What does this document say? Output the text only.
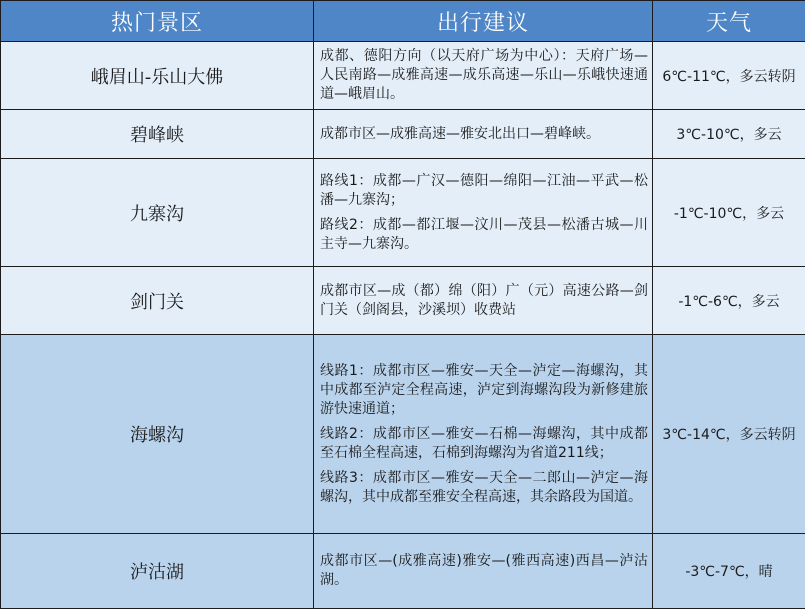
热门景区	出行建议	天气
峨眉山-乐山大佛	成都、德阳方向（以天府广场为中心）：天府广场—人民南路—成雅高速—成乐高速—乐山—乐峨快速通道—峨眉山。	6℃-11℃，多云转阴
碧峰峡	成都市区—成雅高速—雅安北出口—碧峰峡。	3℃-10℃，多云
九寨沟	路线1：成都—广汉—德阳—绵阳—江油—平武—松潘—九寨沟；

路线2：成都—都江堰—汶川—茂县—松潘古城—川主寺—九寨沟。	-1℃-10℃，多云
剑门关	成都市区—成（都）绵（阳）广（元）高速公路—剑门关（剑阁县，沙溪坝）收费站	-1℃-6℃，多云
海螺沟	线路1：成都市区—雅安—天全—泸定—海螺沟，其中成都至泸定全程高速，泸定到海螺沟段为新修建旅游快速通道；

线路2：成都市区—雅安—石棉—海螺沟，其中成都至石棉全程高速，石棉到海螺沟为省道211线；

线路3：成都市区—雅安—天全—二郎山—泸定—海螺沟，其中成都至雅安全程高速，其余路段为国道。	3℃-14℃，多云转阴
泸沽湖	成都市区—(成雅高速)雅安—(雅西高速)西昌—泸沽湖。	-3℃-7℃，晴
